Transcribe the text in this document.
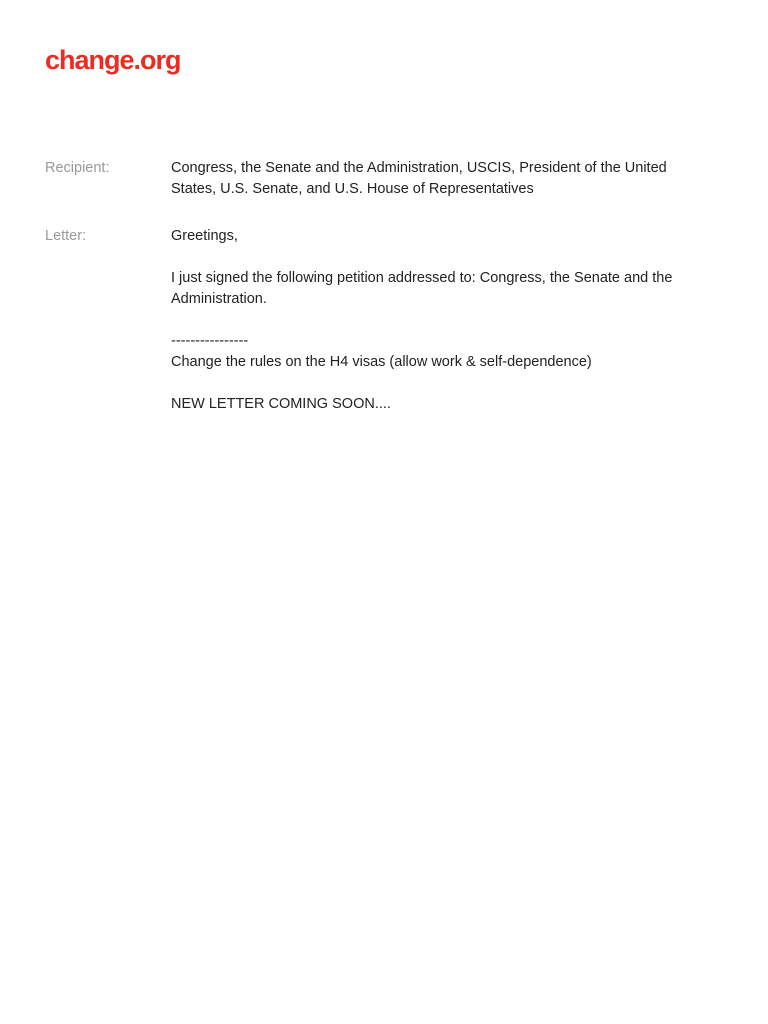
change.org
Recipient:	Congress, the Senate and the Administration, USCIS, President of the United States, U.S. Senate, and U.S. House of Representatives
Letter:	Greetings,

I just signed the following petition addressed to: Congress, the Senate and the Administration.

----------------

Change the rules on the H4 visas (allow work & self-dependence)

NEW LETTER COMING SOON....
